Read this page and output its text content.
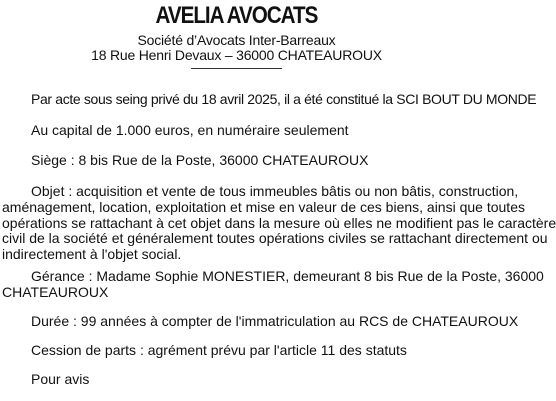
AVELIA AVOCATS
Société d’Avocats Inter-Barreaux
18 Rue Henri Devaux – 36000 CHATEAUROUX
Par acte sous seing privé du 18 avril 2025, il a été constitué la SCI BOUT DU MONDE
Au capital de 1.000 euros, en numéraire seulement
Siège : 8 bis Rue de la Poste, 36000 CHATEAUROUX
Objet : acquisition et vente de tous immeubles bâtis ou non bâtis, construction,
aménagement, location, exploitation et mise en valeur de ces biens, ainsi que toutes
opérations se rattachant à cet objet dans la mesure où elles ne modifient pas le caractère
civil de la société et généralement toutes opérations civiles se rattachant directement ou
indirectement à l'objet social.
Gérance : Madame Sophie MONESTIER, demeurant 8 bis Rue de la Poste, 36000
CHATEAUROUX
Durée : 99 années à compter de l'immatriculation au RCS de CHATEAUROUX
Cession de parts : agrément prévu par l'article 11 des statuts
Pour avis
